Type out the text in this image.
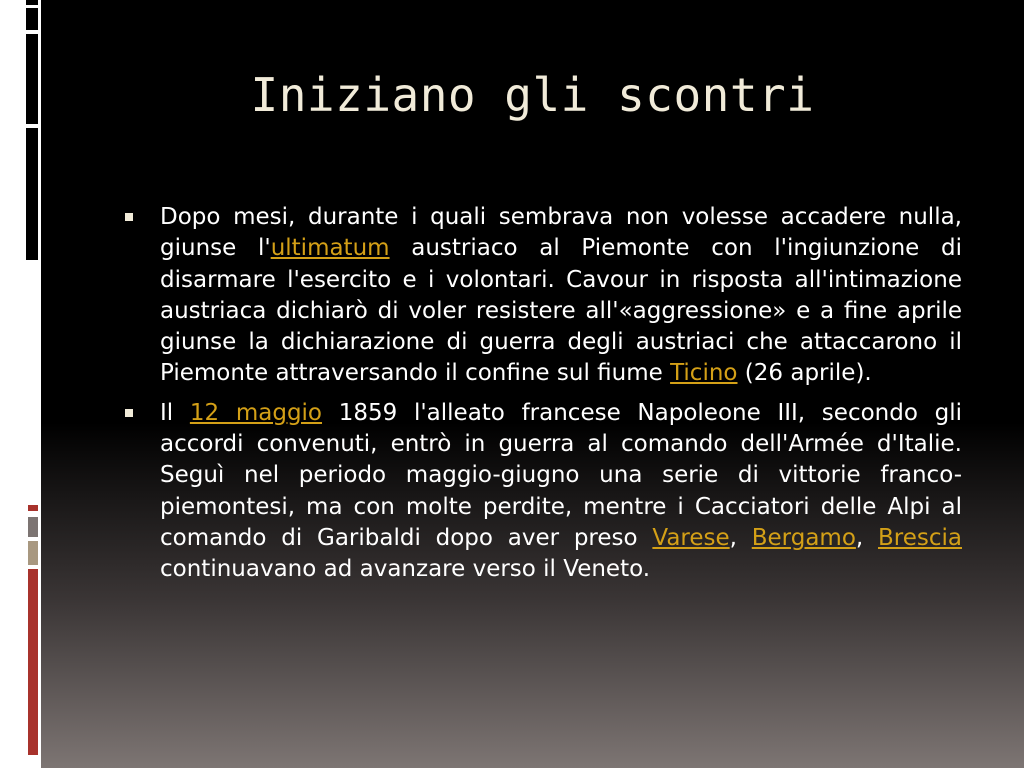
Iniziano gli scontri
Dopo mesi, durante i quali sembrava non volesse accadere nulla, giunse l'ultimatum austriaco al Piemonte con l'ingiunzione di disarmare l'esercito e i volontari. Cavour in risposta all'intimazione austriaca dichiarò di voler resistere all'«aggressione» e a fine aprile giunse la dichiarazione di guerra degli austriaci che attaccarono il Piemonte attraversando il confine sul fiume Ticino (26 aprile).
Il 12 maggio 1859 l'alleato francese Napoleone III, secondo gli accordi convenuti, entrò in guerra al comando dell'Armée d'Italie. Seguì nel periodo maggio-giugno una serie di vittorie franco-piemontesi, ma con molte perdite, mentre i Cacciatori delle Alpi al comando di Garibaldi dopo aver preso Varese, Bergamo, Brescia continuavano ad avanzare verso il Veneto.
